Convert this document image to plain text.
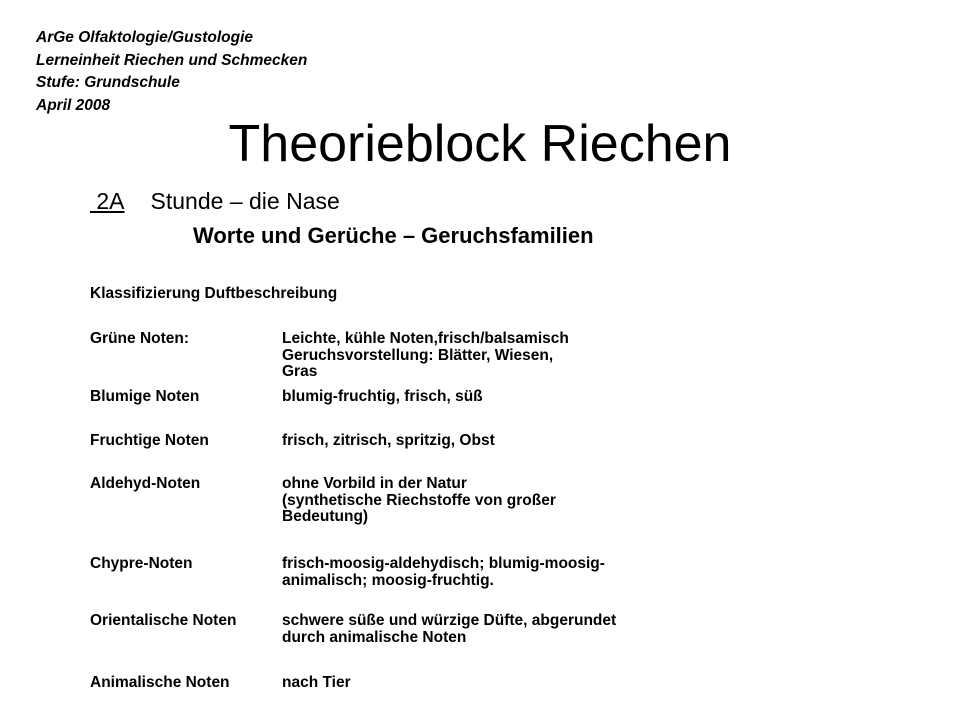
ArGe Olfaktologie/Gustologie
Lerneinheit Riechen und Schmecken
Stufe: Grundschule
April 2008
Theorieblock Riechen
2A Stunde – die Nase
Worte und Gerüche – Geruchsfamilien
Klassifizierung Duftbeschreibung
Grüne Noten:	Leichte, kühle Noten,frisch/balsamisch
Geruchsvorstellung: Blätter, Wiesen,
Gras
Blumige Noten	blumig-fruchtig, frisch, süß
Fruchtige Noten	frisch, zitrisch, spritzig, Obst
Aldehyd-Noten	ohne Vorbild in der Natur
(synthetische Riechstoffe von großer
Bedeutung)
Chypre-Noten	frisch-moosig-aldehydisch; blumig-moosig-
animalisch; moosig-fruchtig.
Orientalische Noten	schwere süße und würzige Düfte, abgerundet
durch animalische Noten
Animalische Noten	nach Tier
